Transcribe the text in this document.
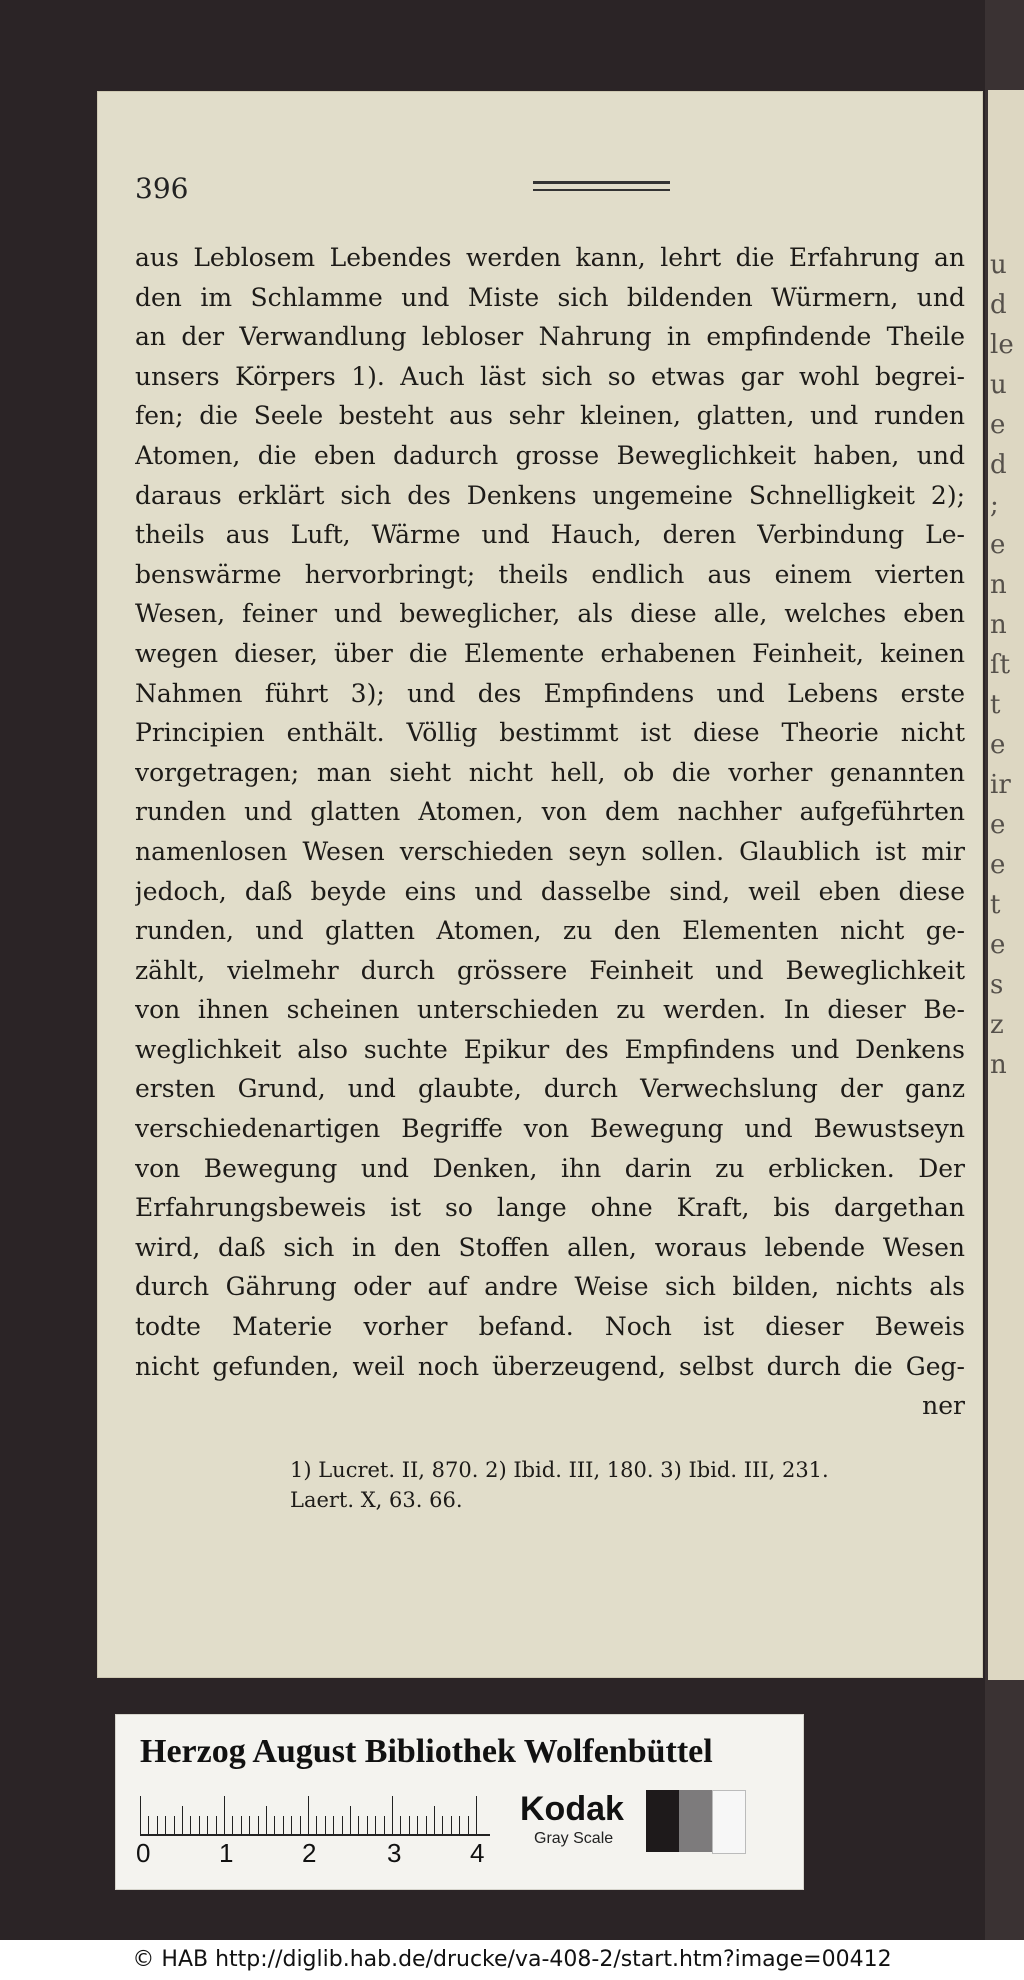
u
d
le
u
e
d
;
e
n
n
ſt
t
e
ir
e
e
t
e
s
z
n
396
aus Leblosem Lebendes werden kann, lehrt die Erfahrung an
den im Schlamme und Miste sich bildenden Würmern, und
an der Verwandlung lebloser Nahrung in empfindende Theile
unsers Körpers 1). Auch läst sich so etwas gar wohl begrei-
fen; die Seele besteht aus sehr kleinen, glatten, und runden
Atomen, die eben dadurch grosse Beweglichkeit haben, und
daraus erklärt sich des Denkens ungemeine Schnelligkeit 2);
theils aus Luft, Wärme und Hauch, deren Verbindung Le-
benswärme hervorbringt; theils endlich aus einem vierten
Wesen, feiner und beweglicher, als diese alle, welches eben
wegen dieser, über die Elemente erhabenen Feinheit, keinen
Nahmen führt 3); und des Empfindens und Lebens erste
Principien enthält. Völlig bestimmt ist diese Theorie nicht
vorgetragen; man sieht nicht hell, ob die vorher genannten
runden und glatten Atomen, von dem nachher aufgeführten
namenlosen Wesen verschieden seyn sollen. Glaublich ist mir
jedoch, daß beyde eins und dasselbe sind, weil eben diese
runden, und glatten Atomen, zu den Elementen nicht ge-
zählt, vielmehr durch grössere Feinheit und Beweglichkeit
von ihnen scheinen unterschieden zu werden. In dieser Be-
weglichkeit also suchte Epikur des Empfindens und Denkens
ersten Grund, und glaubte, durch Verwechslung der ganz
verschiedenartigen Begriffe von Bewegung und Bewustseyn
von Bewegung und Denken, ihn darin zu erblicken. Der
Erfahrungsbeweis ist so lange ohne Kraft, bis dargethan
wird, daß sich in den Stoffen allen, woraus lebende Wesen
durch Gährung oder auf andre Weise sich bilden, nichts als
todte Materie vorher befand. Noch ist dieser Beweis
nicht gefunden, weil noch überzeugend, selbst durch die Geg-
ner
1) Lucret. II, 870. 2) Ibid. III, 180. 3) Ibid. III, 231.
Laert. X, 63. 66.
Herzog August Bibliothek Wolfenbüttel
0	1	2	3	4
Kodak
Gray Scale
© HAB http://diglib.hab.de/drucke/va-408-2/start.htm?image=00412
